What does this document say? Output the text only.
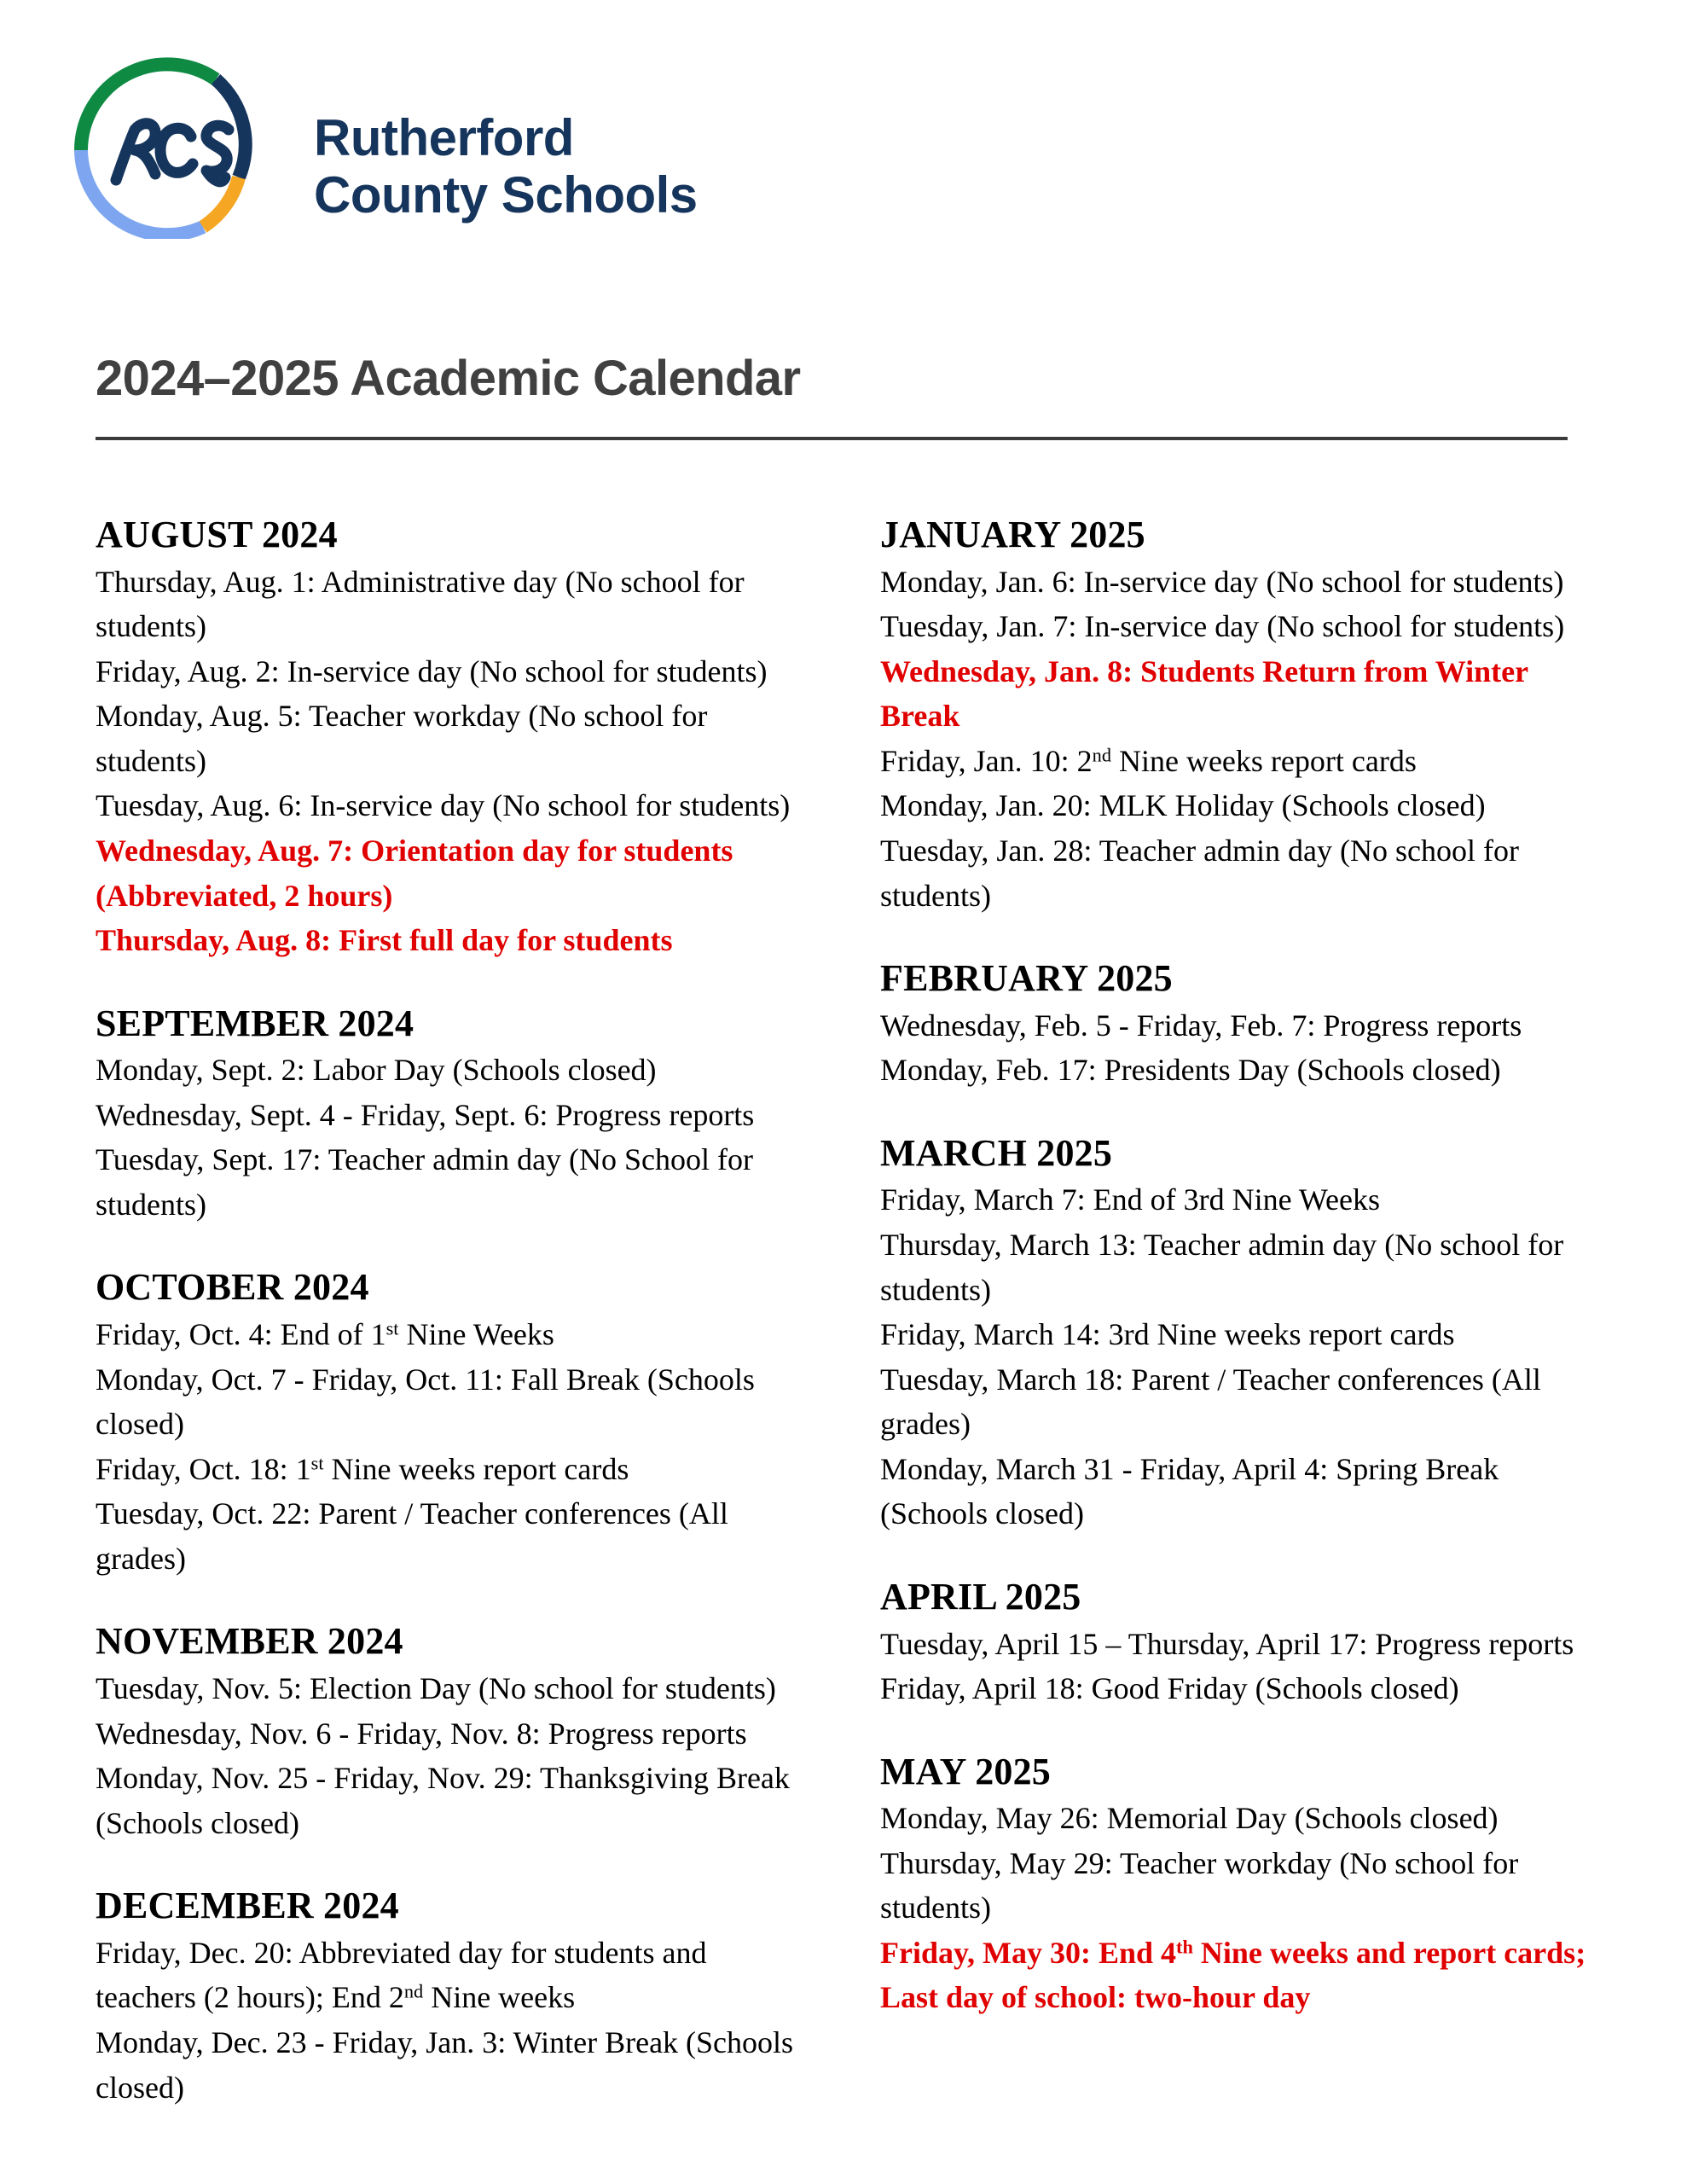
Rutherford
County Schools
2024–2025 Academic Calendar
AUGUST 2024
Thursday, Aug. 1: Administrative day (No school for students)
Friday, Aug. 2: In-service day (No school for students)
Monday, Aug. 5: Teacher workday (No school for students)
Tuesday, Aug. 6: In-service day (No school for students)
Wednesday, Aug. 7: Orientation day for students (Abbreviated, 2 hours)
Thursday, Aug. 8: First full day for students
SEPTEMBER 2024
Monday, Sept. 2: Labor Day (Schools closed)
Wednesday, Sept. 4 - Friday, Sept. 6: Progress reports
Tuesday, Sept. 17: Teacher admin day (No School for students)
OCTOBER 2024
Friday, Oct. 4: End of 1st Nine Weeks
Monday, Oct. 7 - Friday, Oct. 11: Fall Break (Schools closed)
Friday, Oct. 18: 1st Nine weeks report cards
Tuesday, Oct. 22: Parent / Teacher conferences (All grades)
NOVEMBER 2024
Tuesday, Nov. 5: Election Day (No school for students)
Wednesday, Nov. 6 - Friday, Nov. 8: Progress reports
Monday, Nov. 25 - Friday, Nov. 29: Thanksgiving Break (Schools closed)
DECEMBER 2024
Friday, Dec. 20: Abbreviated day for students and teachers (2 hours); End 2nd Nine weeks
Monday, Dec. 23 - Friday, Jan. 3: Winter Break (Schools closed)
JANUARY 2025
Monday, Jan. 6: In-service day (No school for students)
Tuesday, Jan. 7: In-service day (No school for students)
Wednesday, Jan. 8: Students Return from Winter Break
Friday, Jan. 10: 2nd Nine weeks report cards
Monday, Jan. 20: MLK Holiday (Schools closed)
Tuesday, Jan. 28: Teacher admin day (No school for students)
FEBRUARY 2025
Wednesday, Feb. 5 - Friday, Feb. 7: Progress reports
Monday, Feb. 17: Presidents Day (Schools closed)
MARCH 2025
Friday, March 7: End of 3rd Nine Weeks
Thursday, March 13: Teacher admin day (No school for students)
Friday, March 14: 3rd Nine weeks report cards
Tuesday, March 18: Parent / Teacher conferences (All grades)
Monday, March 31 - Friday, April 4: Spring Break (Schools closed)
APRIL 2025
Tuesday, April 15 – Thursday, April 17: Progress reports
Friday, April 18: Good Friday (Schools closed)
MAY 2025
Monday, May 26: Memorial Day (Schools closed)
Thursday, May 29: Teacher workday (No school for students)
Friday, May 30: End 4th Nine weeks and report cards; Last day of school: two-hour day
